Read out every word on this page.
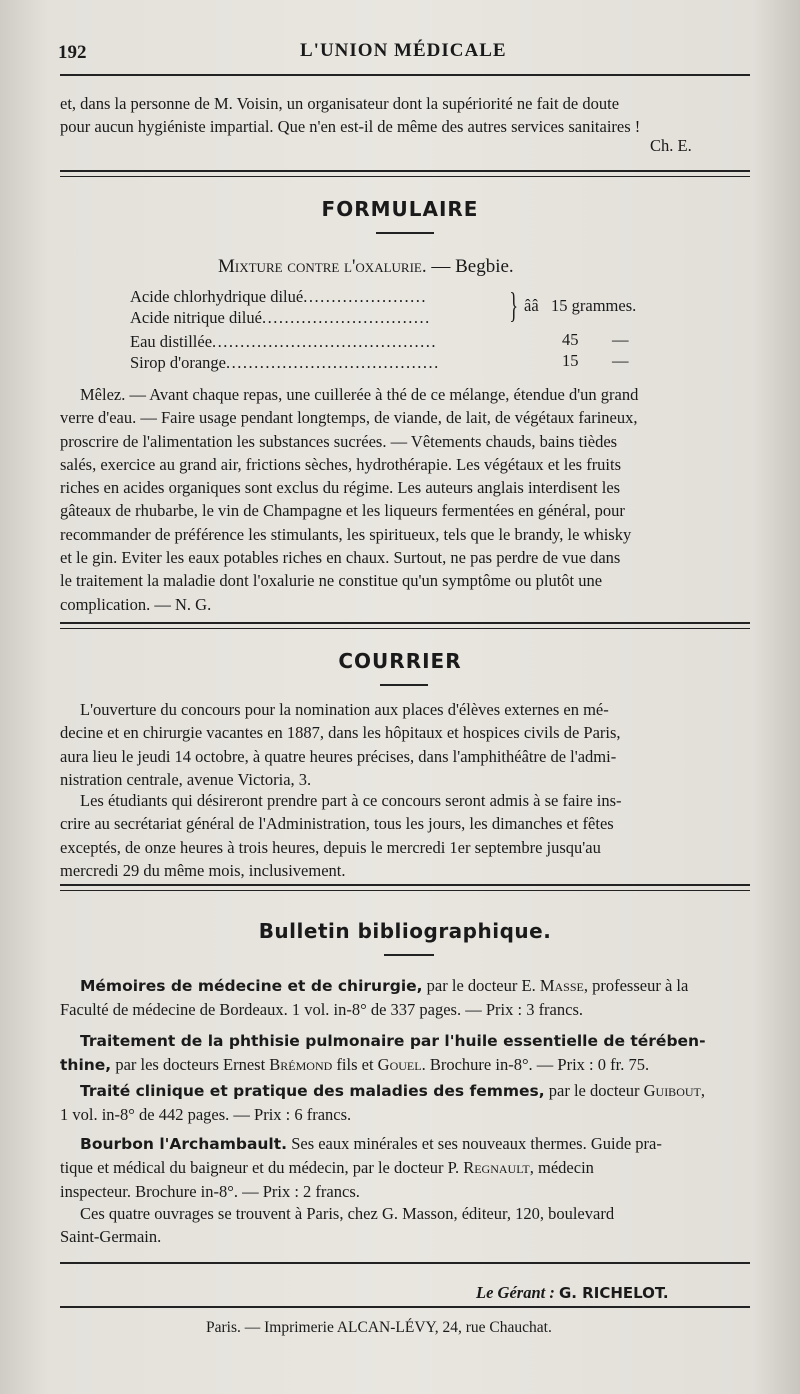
192	L'UNION MÉDICALE

et, dans la personne de M. Voisin, un organisateur dont la supériorité ne fait de doute

pour aucun hygiéniste impartial. Que n'en est-il de même des autres services sanitaires !

Ch. E.
FORMULAIRE
Mixture contre l'oxalurie. — Begbie.
Acide chlorhydrique dilué......................
Acide nitrique dilué..............................
Eau distillée........................................
Sirop d'orange......................................
} ââ   15 grammes.
45 —
15 —

Mêlez. — Avant chaque repas, une cuillerée à thé de ce mélange, étendue d'un grand

verre d'eau. — Faire usage pendant longtemps, de viande, de lait, de végétaux farineux,

proscrire de l'alimentation les substances sucrées. — Vêtements chauds, bains tièdes

salés, exercice au grand air, frictions sèches, hydrothérapie. Les végétaux et les fruits

riches en acides organiques sont exclus du régime. Les auteurs anglais interdisent les

gâteaux de rhubarbe, le vin de Champagne et les liqueurs fermentées en général, pour

recommander de préférence les stimulants, les spiritueux, tels que le brandy, le whisky

et le gin. Eviter les eaux potables riches en chaux. Surtout, ne pas perdre de vue dans

le traitement la maladie dont l'oxalurie ne constitue qu'un symptôme ou plutôt une

complication. — N. G.

COURRIER

L'ouverture du concours pour la nomination aux places d'élèves externes en mé-

decine et en chirurgie vacantes en 1887, dans les hôpitaux et hospices civils de Paris,

aura lieu le jeudi 14 octobre, à quatre heures précises, dans l'amphithéâtre de l'admi-

nistration centrale, avenue Victoria, 3.

Les étudiants qui désireront prendre part à ce concours seront admis à se faire ins-

crire au secrétariat général de l'Administration, tous les jours, les dimanches et fêtes

exceptés, de onze heures à trois heures, depuis le mercredi 1er septembre jusqu'au

mercredi 29 du même mois, inclusivement.

Bulletin bibliographique.

Mémoires de médecine et de chirurgie, par le docteur E. Masse, professeur à la

Faculté de médecine de Bordeaux. 1 vol. in-8° de 337 pages. — Prix : 3 francs.

Traitement de la phthisie pulmonaire par l'huile essentielle de térében-

thine, par les docteurs Ernest Brémond fils et Gouel. Brochure in-8°. — Prix : 0 fr. 75.

Traité clinique et pratique des maladies des femmes, par le docteur Guibout,

1 vol. in-8° de 442 pages. — Prix : 6 francs.

Bourbon l'Archambault. Ses eaux minérales et ses nouveaux thermes. Guide pra-

tique et médical du baigneur et du médecin, par le docteur P. Regnault, médecin

inspecteur. Brochure in-8°. — Prix : 2 francs.

Ces quatre ouvrages se trouvent à Paris, chez G. Masson, éditeur, 120, boulevard

Saint-Germain.

Le Gérant : G. RICHELOT.
Paris. — Imprimerie ALCAN-LÉVY, 24, rue Chauchat.
